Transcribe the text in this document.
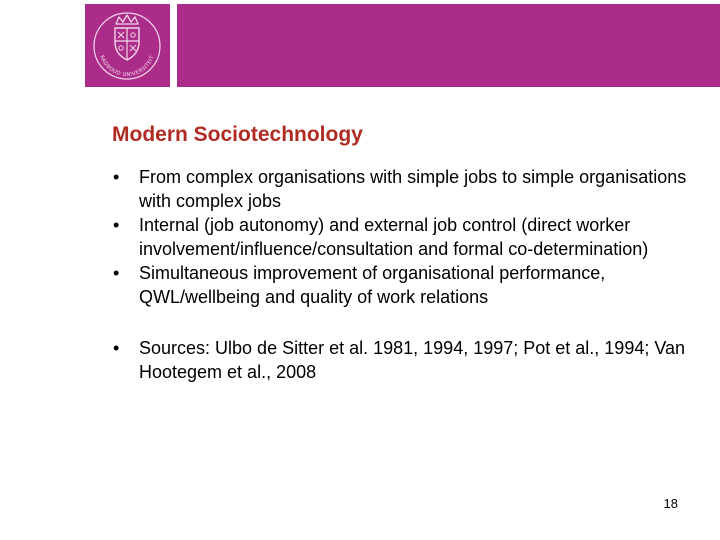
RADBOUD UNIVERSITEIT
Modern Sociotechnology
• From complex organisations with simple jobs to simple organisations with complex jobs
• Internal (job autonomy) and external job control (direct worker involvement/influence/consultation and formal co-determination)
• Simultaneous improvement of organisational performance, QWL/wellbeing and quality of work relations
• Sources: Ulbo de Sitter et al. 1981, 1994, 1997; Pot et al., 1994; Van Hootegem et al., 2008
18
